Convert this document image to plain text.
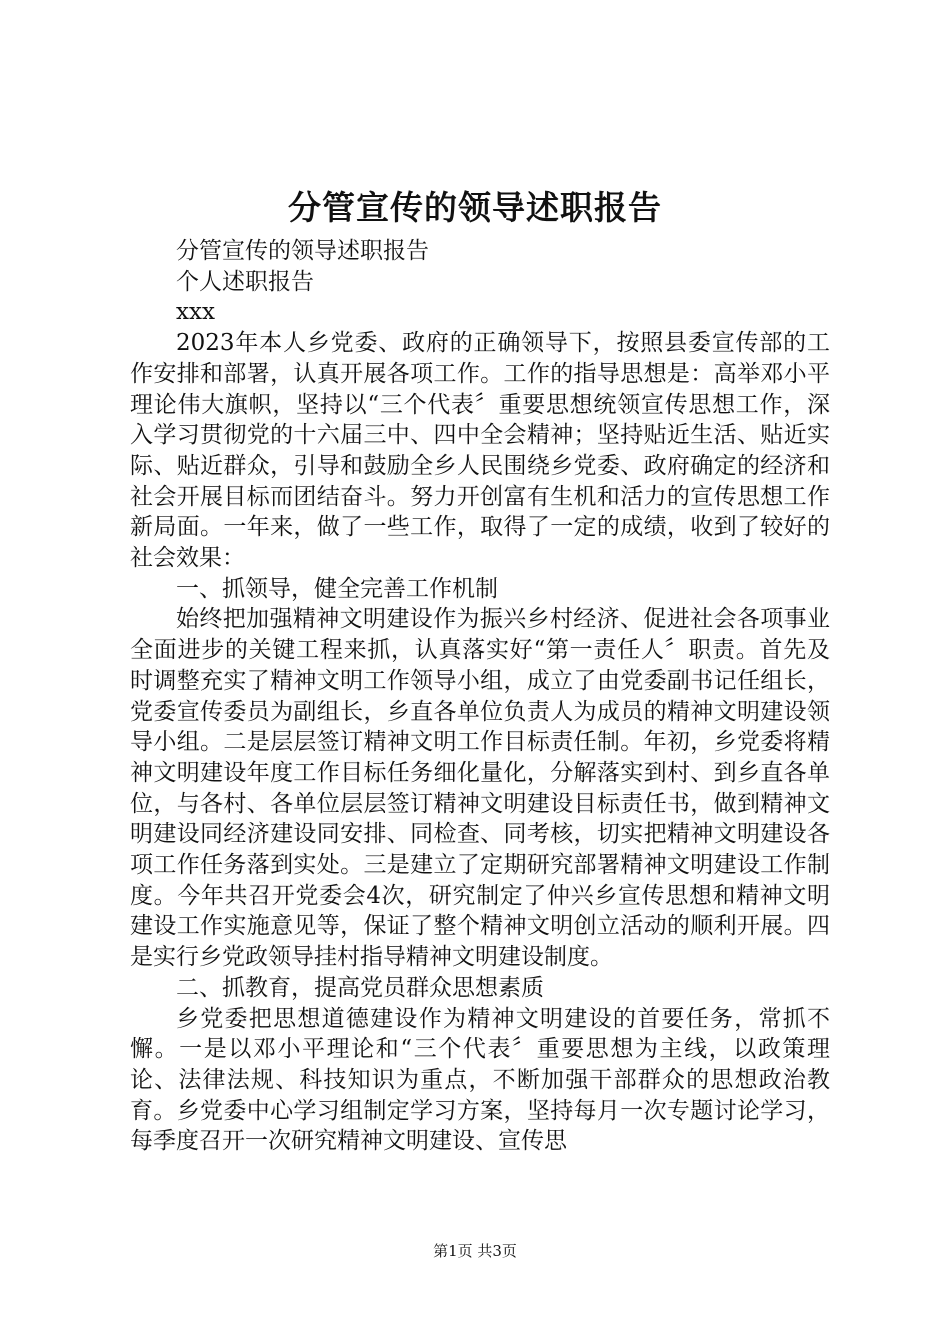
分管宣传的领导述职报告

分管宣传的领导述职报告

个人述职报告

xxx

2023年本人乡党委、政府的正确领导下，按照县委宣传部的工作安排和部署，认真开展各项工作。工作的指导思想是：高举邓小平理论伟大旗帜，坚持以“三个代表〞重要思想统领宣传思想工作，深入学习贯彻党的十六届三中、四中全会精神；坚持贴近生活、贴近实际、贴近群众，引导和鼓励全乡人民围绕乡党委、政府确定的经济和社会开展目标而团结奋斗。努力开创富有生机和活力的宣传思想工作新局面。一年来，做了一些工作，取得了一定的成绩，收到了较好的社会效果：

一、抓领导，健全完善工作机制

始终把加强精神文明建设作为振兴乡村经济、促进社会各项事业全面进步的关键工程来抓，认真落实好“第一责任人〞职责。首先及时调整充实了精神文明工作领导小组，成立了由党委副书记任组长，党委宣传委员为副组长，乡直各单位负责人为成员的精神文明建设领导小组。二是层层签订精神文明工作目标责任制。年初，乡党委将精神文明建设年度工作目标任务细化量化，分解落实到村、到乡直各单位，与各村、各单位层层签订精神文明建设目标责任书，做到精神文明建设同经济建设同安排、同检查、同考核，切实把精神文明建设各项工作任务落到实处。三是建立了定期研究部署精神文明建设工作制度。今年共召开党委会4次，研究制定了仲兴乡宣传思想和精神文明建设工作实施意见等，保证了整个精神文明创立活动的顺利开展。四是实行乡党政领导挂村指导精神文明建设制度。

二、抓教育，提高党员群众思想素质

乡党委把思想道德建设作为精神文明建设的首要任务，常抓不懈。一是以邓小平理论和“三个代表〞重要思想为主线，以政策理论、法律法规、科技知识为重点，不断加强干部群众的思想政治教育。乡党委中心学习组制定学习方案，坚持每月一次专题讨论学习，每季度召开一次研究精神文明建设、宣传思

第1页 共3页
